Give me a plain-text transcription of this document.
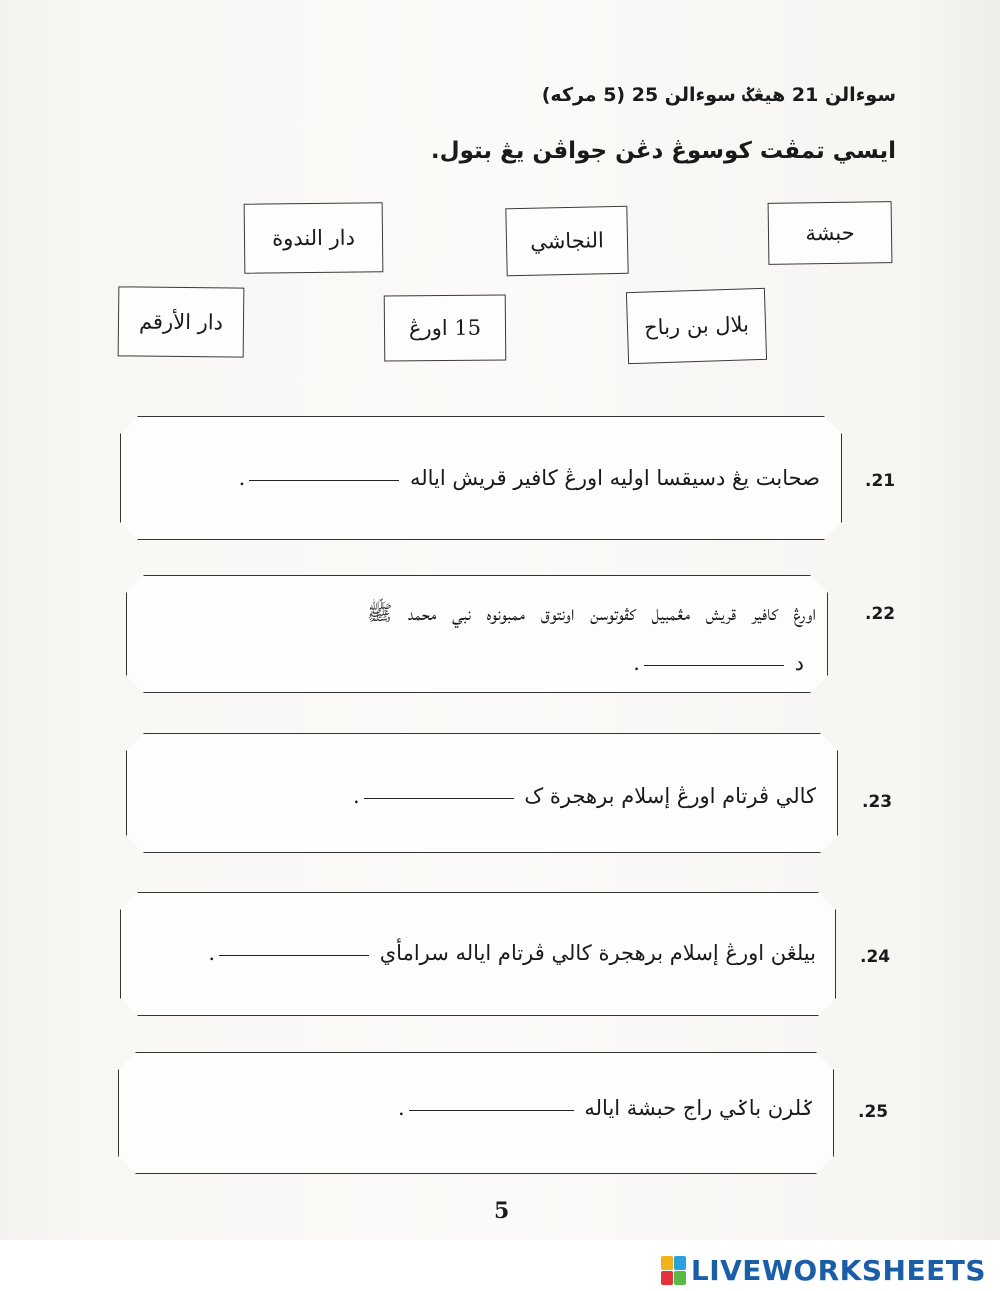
سوءالن 21 هيڠݢ سوءالن 25 (5 مركه)
ايسي تمڤت كوسوڠ دڠن جواڤن يڠ بتول.
حبشة
النجاشي
دار الندوة
بلال بن رباح
15 اورڠ
دار الأرقم
.21
صحابت يڠ دسيقسا اوليه اورڠ كافير قريش اياله .
.22
اورڠ كافير قريش مڠمبيل كڤوتوسن اونتوق ممبونوه نبي محمد ﷺ
د .
.23
كالي ڤرتام اورڠ إسلام برهجرة ک .
.24
بيلڠن اورڠ إسلام برهجرة كالي ڤرتام اياله سرامأي .
.25
ݢلرن باݢي راج حبشة اياله .
5
LIVEWORKSHEETS
